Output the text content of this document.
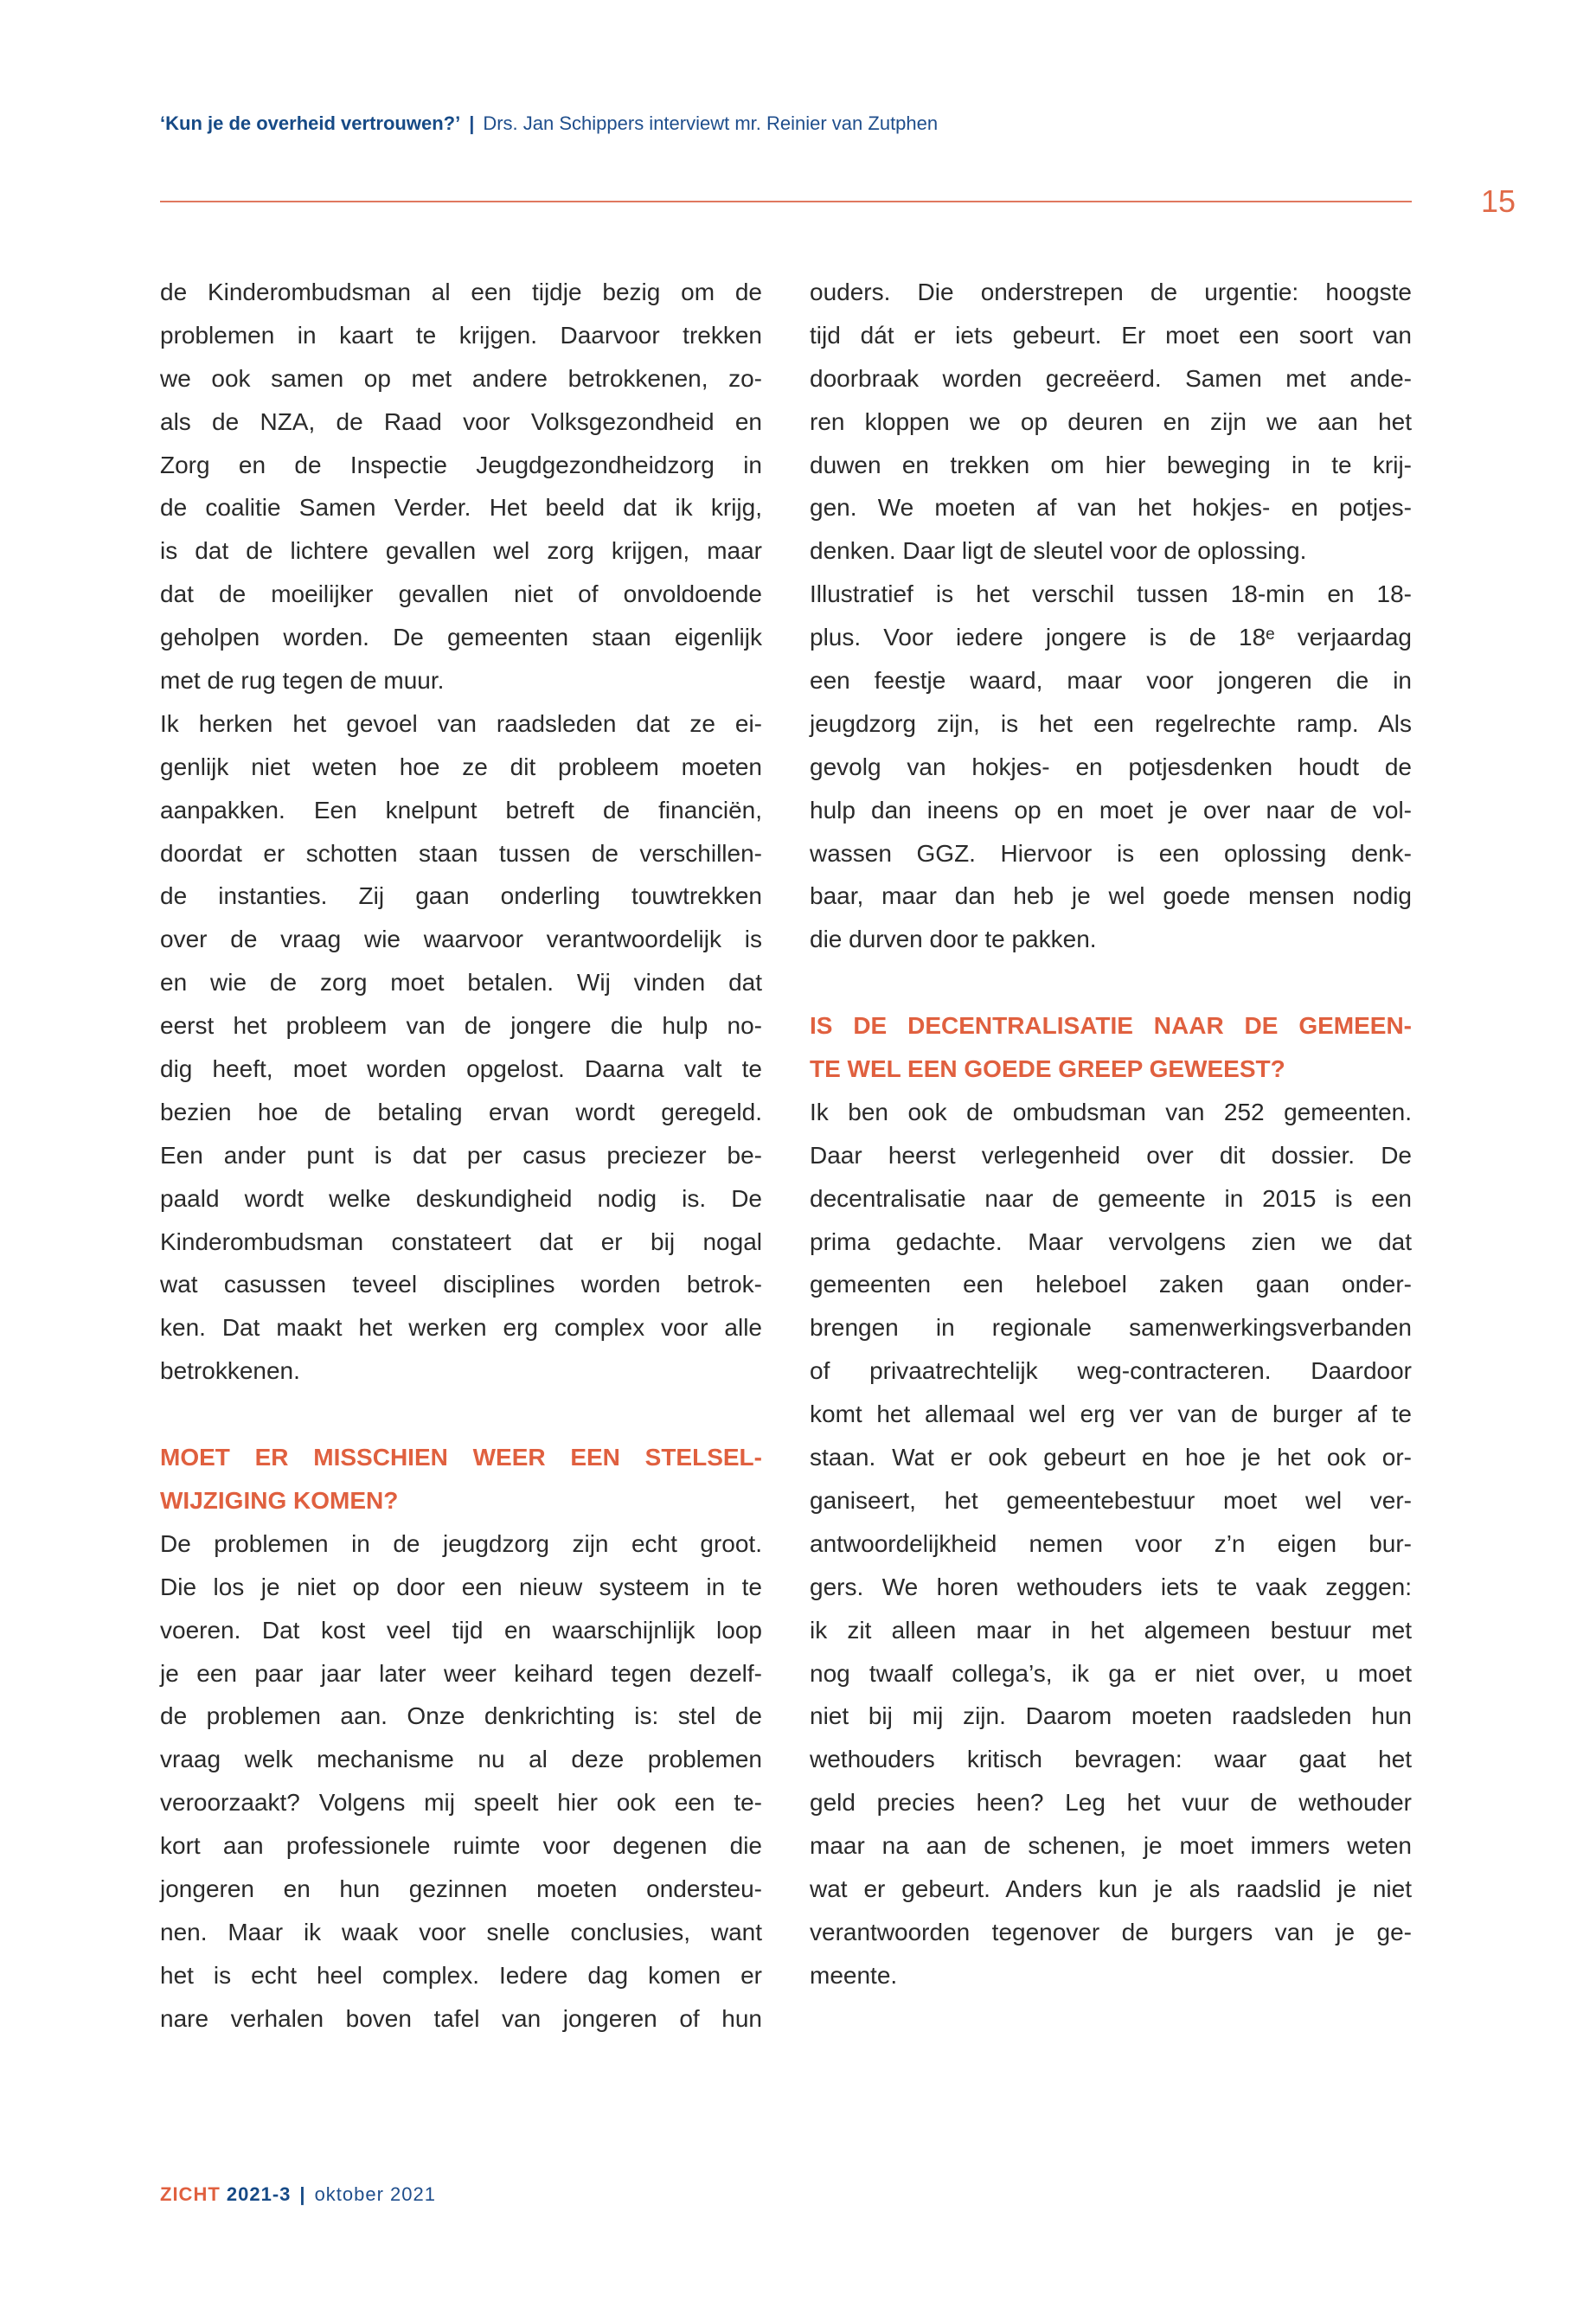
‘Kun je de overheid vertrouwen?’ | Drs. Jan Schippers interviewt mr. Reinier van Zutphen
15
de Kinderombudsman al een tijdje bezig om de
problemen in kaart te krijgen. Daarvoor trekken
we ook samen op met andere betrokkenen, zo-
als de NZA, de Raad voor Volksgezondheid en
Zorg en de Inspectie Jeugdgezondheidzorg in
de coalitie Samen Verder. Het beeld dat ik krijg,
is dat de lichtere gevallen wel zorg krijgen, maar
dat de moeilijker gevallen niet of onvoldoende
geholpen worden. De gemeenten staan eigenlijk
met de rug tegen de muur.
Ik herken het gevoel van raadsleden dat ze ei-
genlijk niet weten hoe ze dit probleem moeten
aanpakken. Een knelpunt betreft de financiën,
doordat er schotten staan tussen de verschillen-
de instanties. Zij gaan onderling touwtrekken
over de vraag wie waarvoor verantwoordelijk is
en wie de zorg moet betalen. Wij vinden dat
eerst het probleem van de jongere die hulp no-
dig heeft, moet worden opgelost. Daarna valt te
bezien hoe de betaling ervan wordt geregeld.
Een ander punt is dat per casus preciezer be-
paald wordt welke deskundigheid nodig is. De
Kinderombudsman constateert dat er bij nogal
wat casussen teveel disciplines worden betrok-
ken. Dat maakt het werken erg complex voor alle
betrokkenen.
MOET ER MISSCHIEN WEER EEN STELSEL-
WIJZIGING KOMEN?
De problemen in de jeugdzorg zijn echt groot.
Die los je niet op door een nieuw systeem in te
voeren. Dat kost veel tijd en waarschijnlijk loop
je een paar jaar later weer keihard tegen dezelf-
de problemen aan. Onze denkrichting is: stel de
vraag welk mechanisme nu al deze problemen
veroorzaakt? Volgens mij speelt hier ook een te-
kort aan professionele ruimte voor degenen die
jongeren en hun gezinnen moeten ondersteu-
nen. Maar ik waak voor snelle conclusies, want
het is echt heel complex. Iedere dag komen er
nare verhalen boven tafel van jongeren of hun
ouders. Die onderstrepen de urgentie: hoogste
tijd dát er iets gebeurt. Er moet een soort van
doorbraak worden gecreëerd. Samen met ande-
ren kloppen we op deuren en zijn we aan het
duwen en trekken om hier beweging in te krij-
gen. We moeten af van het hokjes- en potjes-
denken. Daar ligt de sleutel voor de oplossing.
Illustratief is het verschil tussen 18-min en 18-
plus. Voor iedere jongere is de 18ᵉ verjaardag
een feestje waard, maar voor jongeren die in
jeugdzorg zijn, is het een regelrechte ramp. Als
gevolg van hokjes- en potjesdenken houdt de
hulp dan ineens op en moet je over naar de vol-
wassen GGZ. Hiervoor is een oplossing denk-
baar, maar dan heb je wel goede mensen nodig
die durven door te pakken.
IS DE DECENTRALISATIE NAAR DE GEMEEN-
TE WEL EEN GOEDE GREEP GEWEEST?
Ik ben ook de ombudsman van 252 gemeenten.
Daar heerst verlegenheid over dit dossier. De
decentralisatie naar de gemeente in 2015 is een
prima gedachte. Maar vervolgens zien we dat
gemeenten een heleboel zaken gaan onder-
brengen in regionale samenwerkingsverbanden
of privaatrechtelijk weg-contracteren. Daardoor
komt het allemaal wel erg ver van de burger af te
staan. Wat er ook gebeurt en hoe je het ook or-
ganiseert, het gemeentebestuur moet wel ver-
antwoordelijkheid nemen voor z’n eigen bur-
gers. We horen wethouders iets te vaak zeggen:
ik zit alleen maar in het algemeen bestuur met
nog twaalf collega’s, ik ga er niet over, u moet
niet bij mij zijn. Daarom moeten raadsleden hun
wethouders kritisch bevragen: waar gaat het
geld precies heen? Leg het vuur de wethouder
maar na aan de schenen, je moet immers weten
wat er gebeurt. Anders kun je als raadslid je niet
verantwoorden tegenover de burgers van je ge-
meente.
ZICHT 2021-3 | oktober 2021
